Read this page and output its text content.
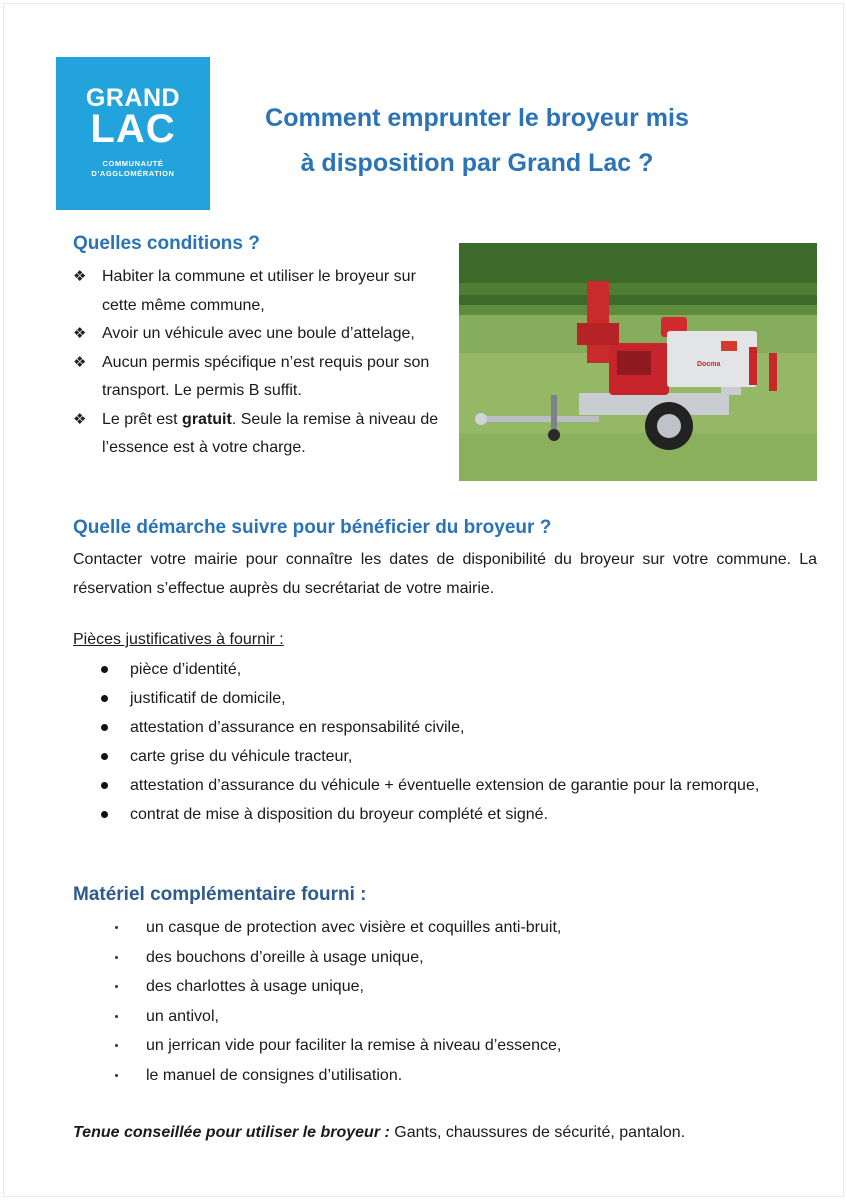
GRAND
LAC
COMMUNAUTÉ
D'AGGLOMÉRATION
Comment emprunter le broyeur mis
à disposition par Grand Lac ?
Quelles conditions ?
❖ Habiter la commune et utiliser le broyeur sur cette même commune,
❖ Avoir un véhicule avec une boule d’attelage,
❖ Aucun permis spécifique n’est requis pour son transport. Le permis B suffit.
❖ Le prêt est gratuit. Seule la remise à niveau de l’essence est à votre charge.
Docma
Quelle démarche suivre pour bénéficier du broyeur ?

Contacter votre mairie pour connaître les dates de disponibilité du broyeur sur votre commune. La réservation s’effectue auprès du secrétariat de votre mairie.

Pièces justificatives à fournir :
pièce d’identité,
justificatif de domicile,
attestation d’assurance en responsabilité civile,
carte grise du véhicule tracteur,
attestation d’assurance du véhicule + éventuelle extension de garantie pour la remorque,
contrat de mise à disposition du broyeur complété et signé.
Matériel complémentaire fourni :
un casque de protection avec visière et coquilles anti-bruit,
des bouchons d’oreille à usage unique,
des charlottes à usage unique,
un antivol,
un jerrican vide pour faciliter la remise à niveau d’essence,
le manuel de consignes d’utilisation.
Tenue conseillée pour utiliser le broyeur : Gants, chaussures de sécurité, pantalon.
